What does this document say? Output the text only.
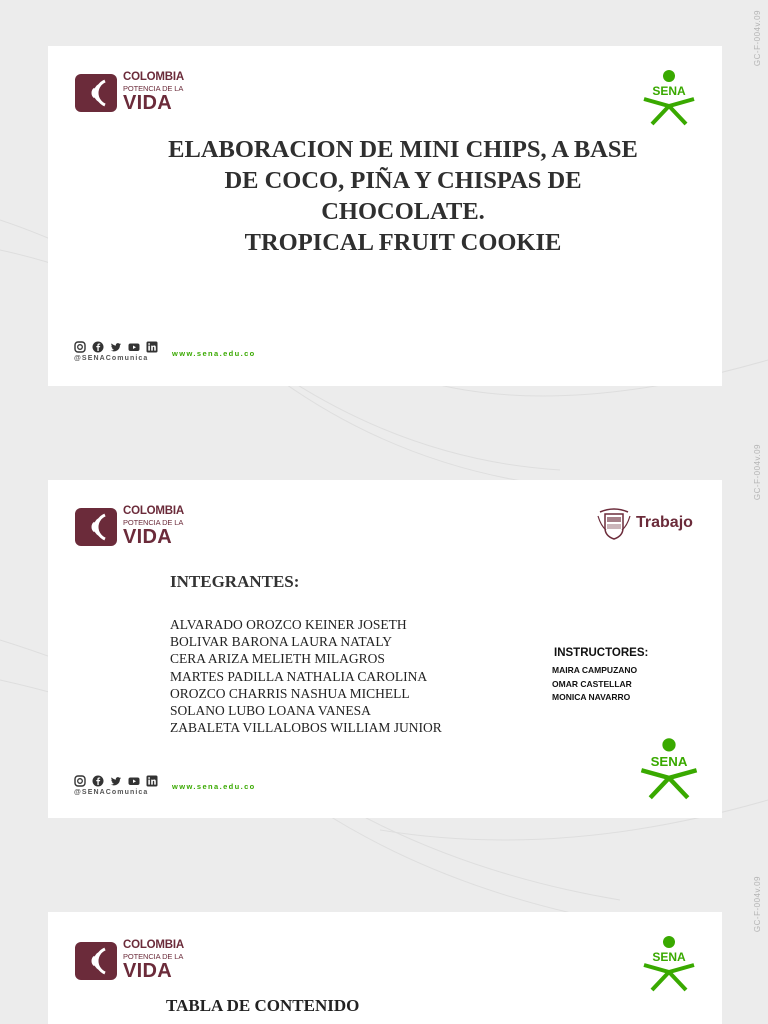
GC-F-004v.09
GC-F-004v.09
GC-F-004v.09
COLOMBIA
POTENCIA DE LA
VIDA
SENA
ELABORACION DE MINI CHIPS, A BASE
DE COCO, PIÑA Y CHISPAS DE
CHOCOLATE.
TROPICAL FRUIT COOKIE
@SENAComunica
www.sena.edu.co
COLOMBIA
POTENCIA DE LA
VIDA
Trabajo
INTEGRANTES:
ALVARADO OROZCO KEINER JOSETH
BOLIVAR BARONA LAURA NATALY
CERA ARIZA MELIETH MILAGROS
MARTES PADILLA NATHALIA CAROLINA
OROZCO CHARRIS NASHUA MICHELL
SOLANO LUBO LOANA VANESA
ZABALETA VILLALOBOS WILLIAM JUNIOR
INSTRUCTORES:
MAIRA CAMPUZANO
OMAR CASTELLAR
MONICA NAVARRO
SENA
@SENAComunica
www.sena.edu.co
COLOMBIA
POTENCIA DE LA
VIDA
SENA
TABLA DE CONTENIDO
